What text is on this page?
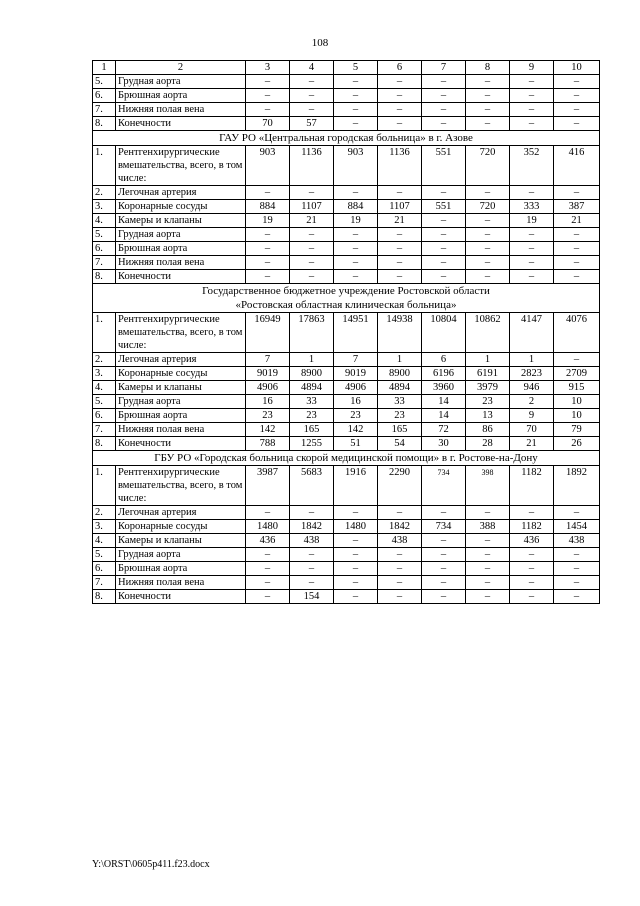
108
1	2	3	4	5	6	7	8	9	10
5.	Грудная аорта	–	–	–	–	–	–	–	–
6.	Брюшная аорта	–	–	–	–	–	–	–	–
7.	Нижняя полая вена	–	–	–	–	–	–	–	–
8.	Конечности	70	57	–	–	–	–	–	–

ГАУ РО «Центральная городская больница» в г. Азове									

1.	Рентгенхирургические вмешательства, всего, в том числе:	903	1136	903	1136	551	720	352	416
2.	Легочная артерия	–	–	–	–	–	–	–	–
3.	Коронарные сосуды	884	1107	884	1107	551	720	333	387
4.	Камеры и клапаны	19	21	19	21	–	–	19	21
5.	Грудная аорта	–	–	–	–	–	–	–	–
6.	Брюшная аорта	–	–	–	–	–	–	–	–
7.	Нижняя полая вена	–	–	–	–	–	–	–	–
8.	Конечности	–	–	–	–	–	–	–	–

Государственное бюджетное учреждение Ростовской области
«Ростовская областная клиническая больница»									

1.	Рентгенхирургические вмешательства, всего, в том числе:	16949	17863	14951	14938	10804	10862	4147	4076
2.	Легочная артерия	7	1	7	1	6	1	1	–
3.	Коронарные сосуды	9019	8900	9019	8900	6196	6191	2823	2709
4.	Камеры и клапаны	4906	4894	4906	4894	3960	3979	946	915
5.	Грудная аорта	16	33	16	33	14	23	2	10
6.	Брюшная аорта	23	23	23	23	14	13	9	10
7.	Нижняя полая вена	142	165	142	165	72	86	70	79
8.	Конечности	788	1255	51	54	30	28	21	26

ГБУ РО «Городская больница скорой медицинской помощи» в г. Ростове-на-Дону									

1.	Рентгенхирургические вмешательства, всего, в том числе:	3987	5683	1916	2290	734	398	1182	1892
2.	Легочная артерия	–	–	–	–	–	–	–	–
3.	Коронарные сосуды	1480	1842	1480	1842	734	388	1182	1454
4.	Камеры и клапаны	436	438	–	438	–	–	436	438
5.	Грудная аорта	–	–	–	–	–	–	–	–
6.	Брюшная аорта	–	–	–	–	–	–	–	–
7.	Нижняя полая вена	–	–	–	–	–	–	–	–
8.	Конечности	–	154	–	–	–	–	–	–
Y:\ORST\0605p411.f23.docx
